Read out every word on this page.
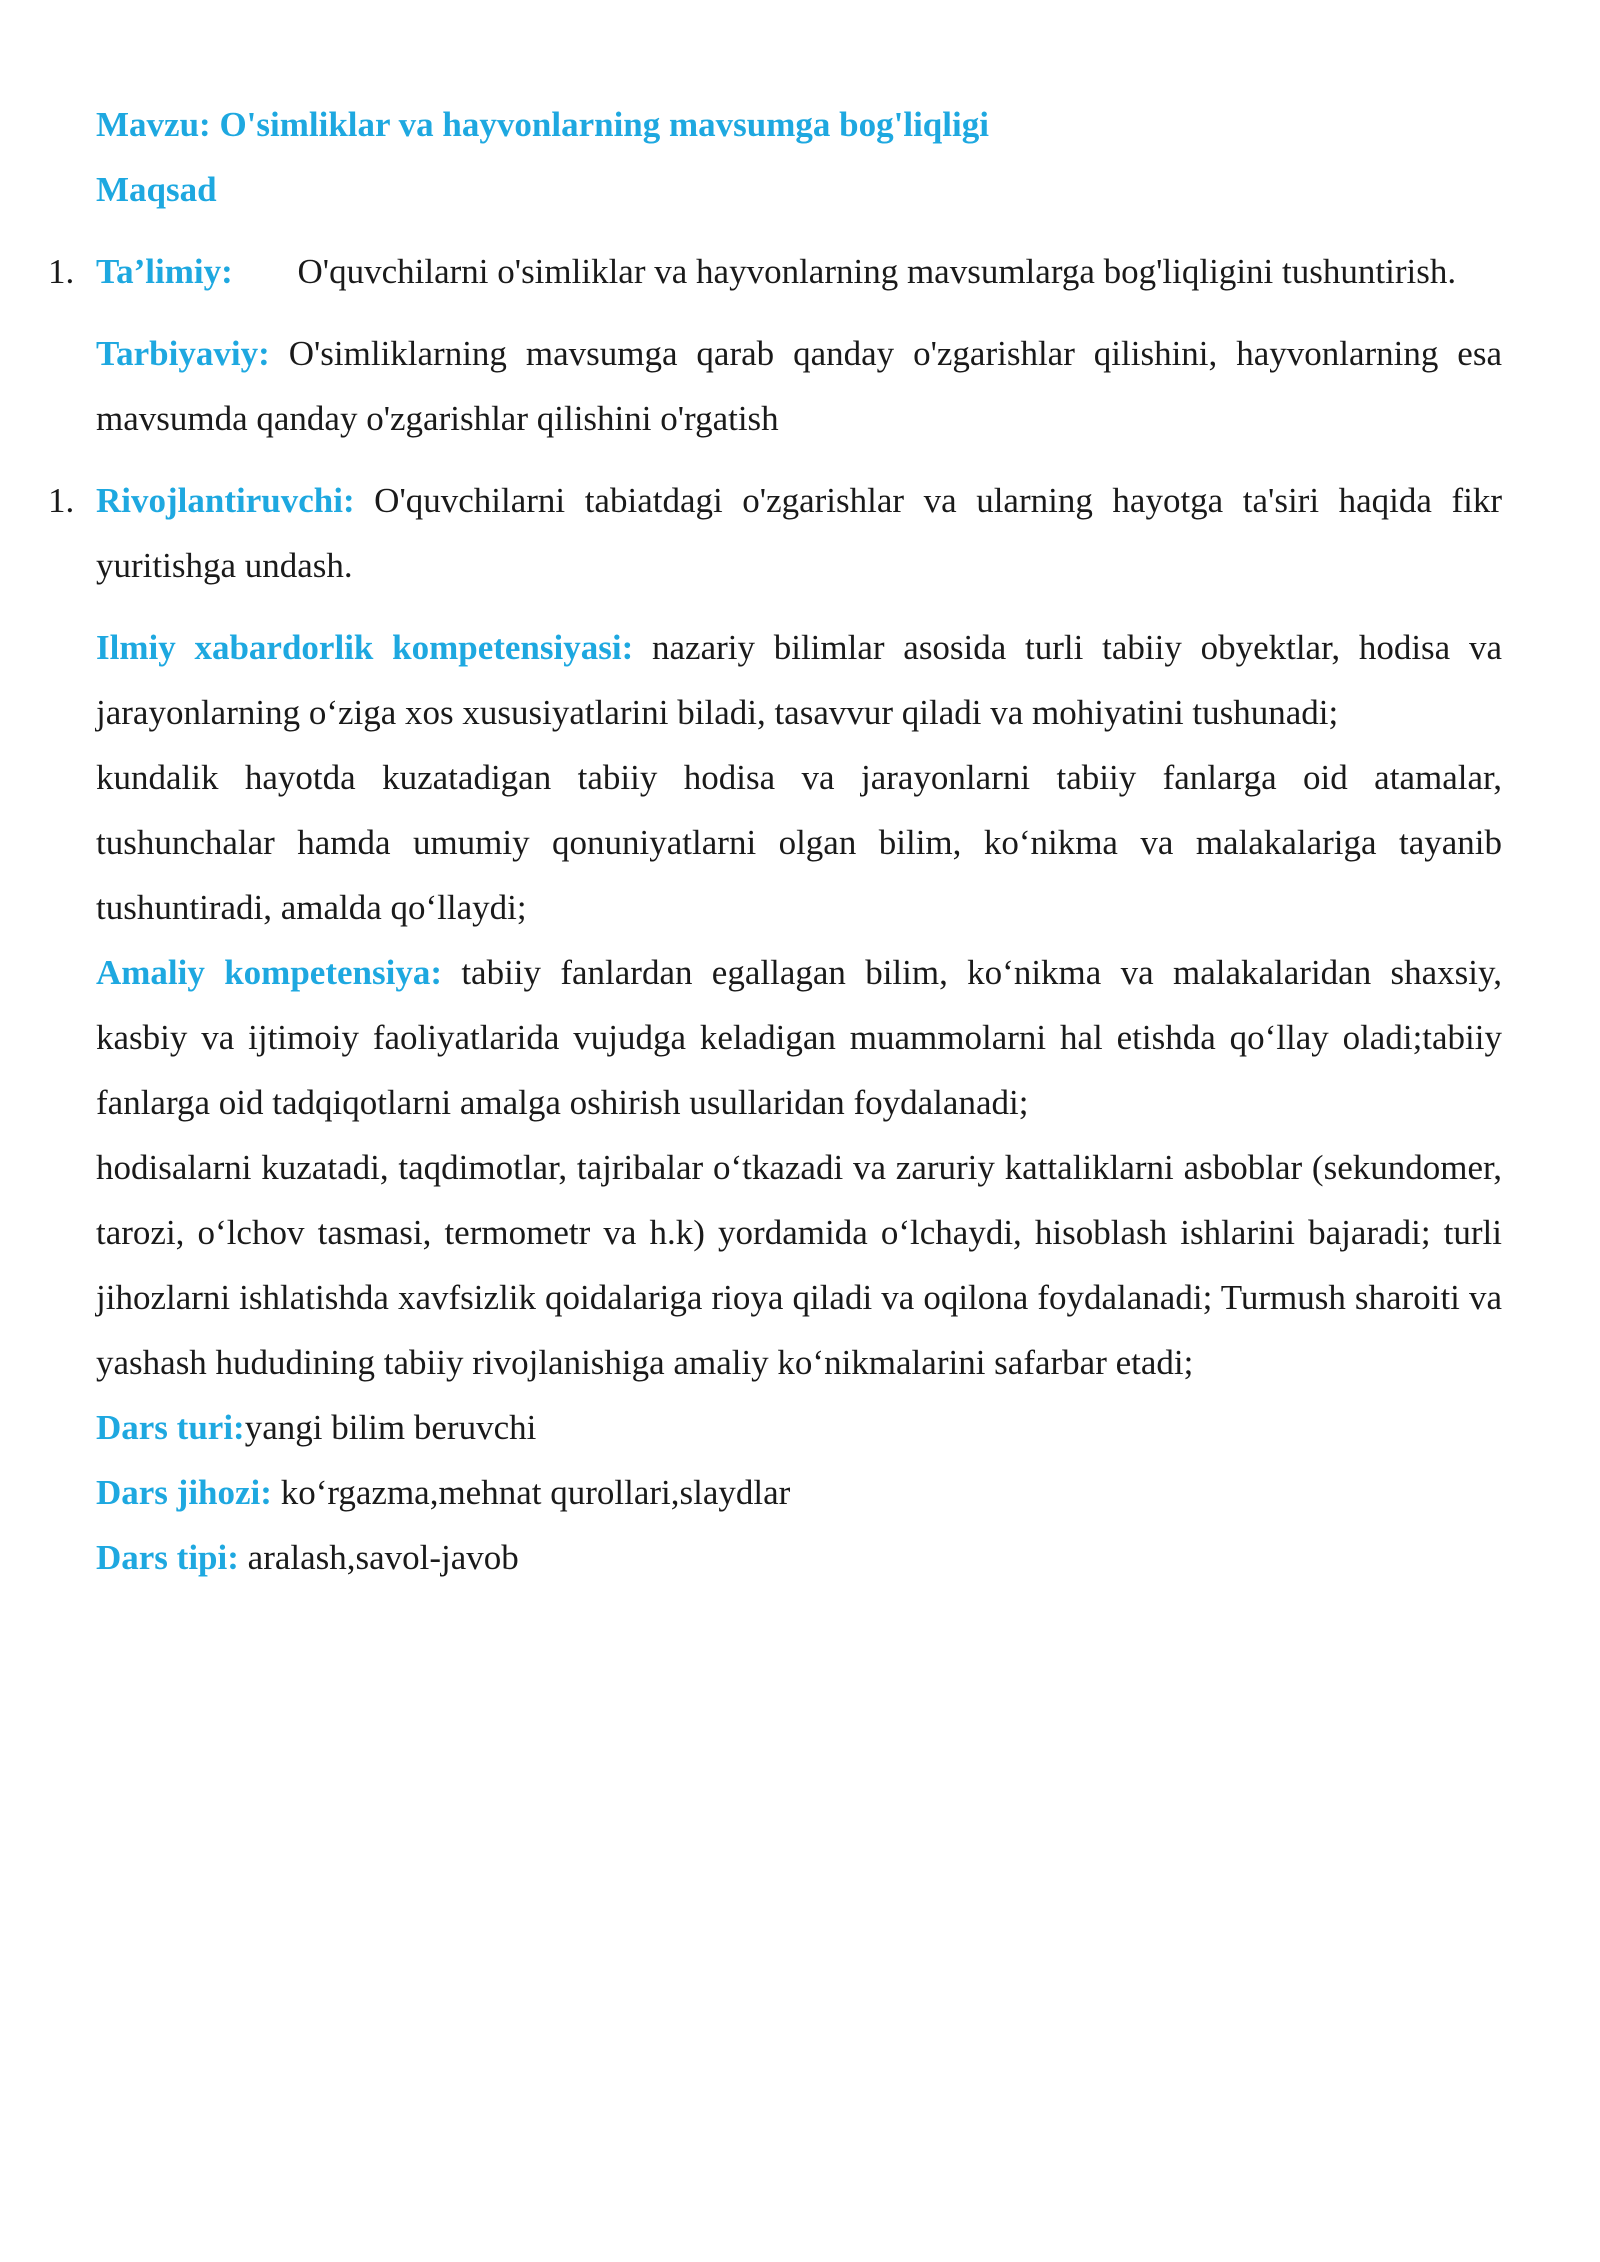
Mavzu: O'simliklar va hayvonlarning mavsumga bog'liqligi

Maqsad

1. Ta’limiy: O'quvchilarni o'simliklar va hayvonlarning mavsumlarga bog'liqligini tushuntirish.

Tarbiyaviy: O'simliklarning mavsumga qarab qanday o'zgarishlar qilishini, hayvonlarning esa mavsumda qanday o'zgarishlar qilishini o'rgatish

1. Rivojlantiruvchi: O'quvchilarni tabiatdagi o'zgarishlar va ularning hayotga ta'siri haqida fikr yuritishga undash.

Ilmiy xabardorlik kompetensiyasi: nazariy bilimlar asosida turli tabiiy obyektlar, hodisa va jarayonlarning o‘ziga xos xususiyatlarini biladi, tasavvur qiladi va mohiyatini tushunadi;

kundalik hayotda kuzatadigan tabiiy hodisa va jarayonlarni tabiiy fanlarga oid atamalar, tushunchalar hamda umumiy qonuniyatlarni olgan bilim, ko‘nikma va malakalariga tayanib tushuntiradi, amalda qo‘llaydi;

Amaliy kompetensiya: tabiiy fanlardan egallagan bilim, ko‘nikma va malakalaridan shaxsiy, kasbiy va ijtimoiy faoliyatlarida vujudga keladigan muammolarni hal etishda qo‘llay oladi;tabiiy fanlarga oid tadqiqotlarni amalga oshirish usullaridan foydalanadi;

hodisalarni kuzatadi, taqdimotlar, tajribalar o‘tkazadi va zaruriy kattaliklarni asboblar (sekundomer, tarozi, o‘lchov tasmasi, termometr va h.k) yordamida o‘lchaydi, hisoblash ishlarini bajaradi; turli jihozlarni ishlatishda xavfsizlik qoidalariga rioya qiladi va oqilona foydalanadi; Turmush sharoiti va yashash hududining tabiiy rivojlanishiga amaliy ko‘nikmalarini safarbar etadi;

Dars turi:yangi bilim beruvchi

Dars jihozi: ko‘rgazma,mehnat qurollari,slaydlar

Dars tipi: aralash,savol-javob
